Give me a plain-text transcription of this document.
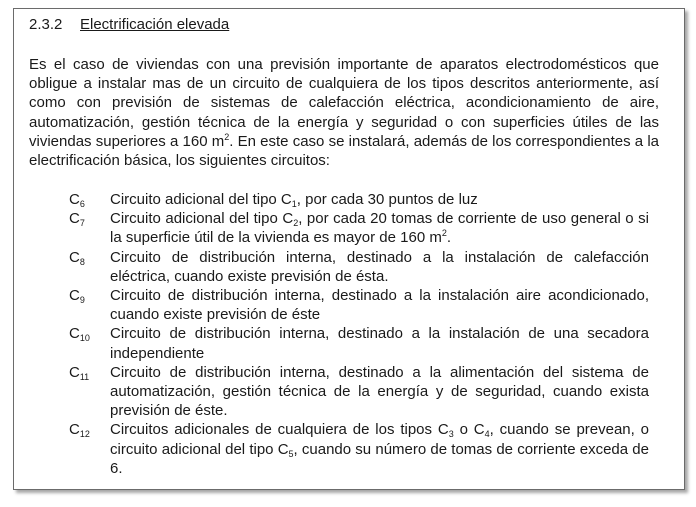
2.3.2 Electrificación elevada

Es el caso de viviendas con una previsión importante de aparatos electrodomésticos que obligue a instalar mas de un circuito de cualquiera de los tipos descritos anteriormente, así como con previsión de sistemas de calefacción eléctrica, acondicionamiento de aire, automatización, gestión técnica de la energía y seguridad o con superficies útiles de las viviendas superiores a 160 $m^2$. En este caso se instalará, además de los correspondientes a la electrificación básica, los siguientes circuitos:

$C_6$	Circuito adicional del tipo $C_1$, por cada 30 puntos de luz
$C_7$	Circuito adicional del tipo $C_2$, por cada 20 tomas de corriente de uso general o si la superficie útil de la vivienda es mayor de 160 $m^2$.
$C_8$	Circuito de distribución interna, destinado a la instalación de calefacción eléctrica, cuando existe previsión de ésta.
$C_9$	Circuito de distribución interna, destinado a la instalación aire acondicionado, cuando existe previsión de éste
$C_{10}$	Circuito de distribución interna, destinado a la instalación de una secadora independiente
$C_{11}$	Circuito de distribución interna, destinado a la alimentación del sistema de automatización, gestión técnica de la energía y de seguridad, cuando exista previsión de éste.
$C_{12}$	Circuitos adicionales de cualquiera de los tipos $C_3$ o $C_4$, cuando se prevean, o circuito adicional del tipo $C_5$, cuando su número de tomas de corriente exceda de 6.
